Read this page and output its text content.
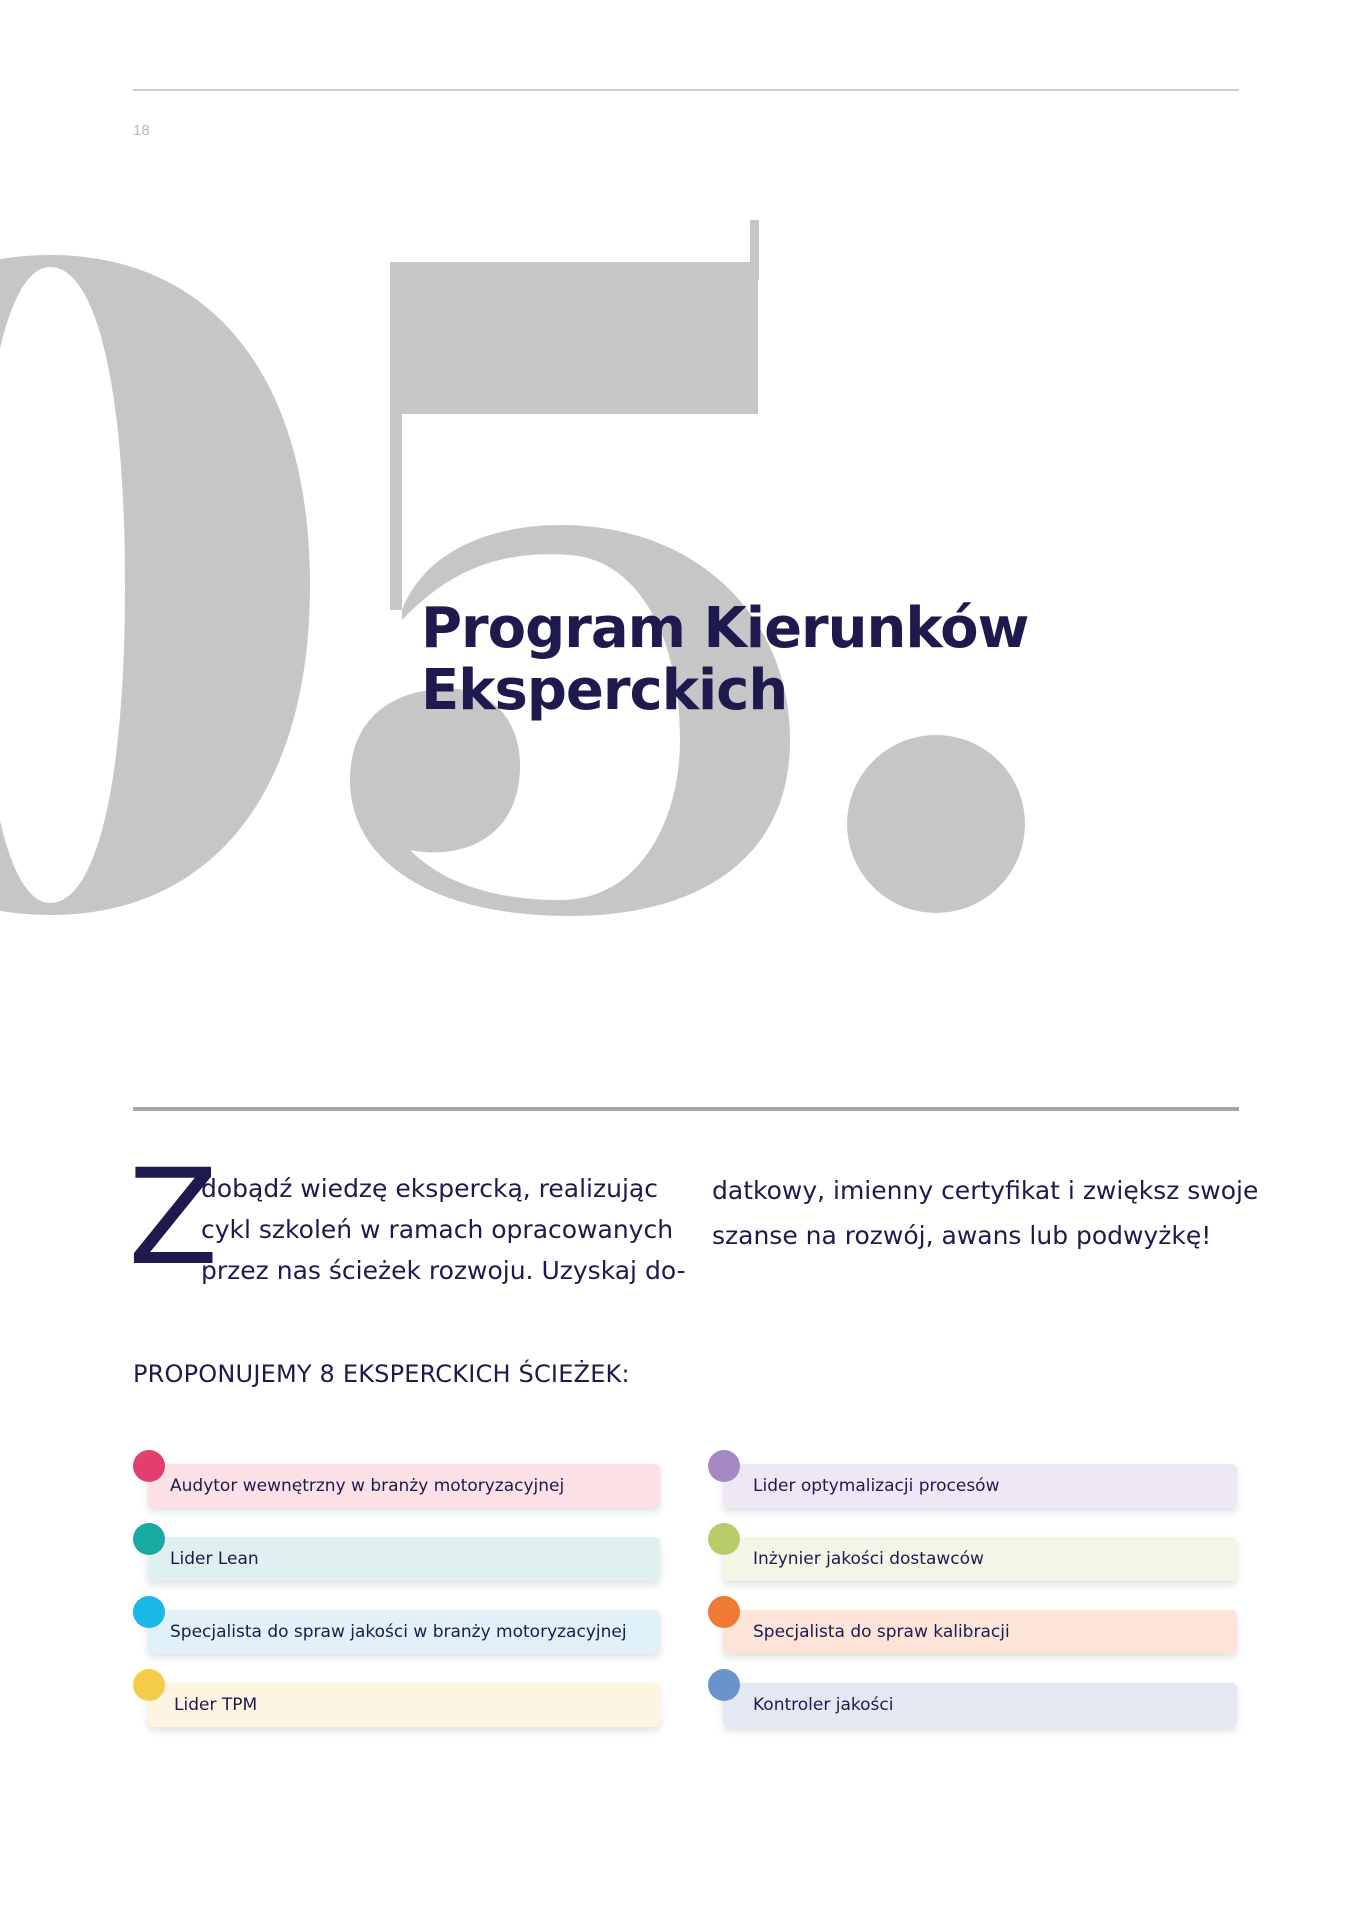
18
Program Kierunków
Eksperckich
Z

dobądź wiedzę ekspercką, realizując
cykl szkoleń w ramach opracowanych
przez nas ścieżek rozwoju. Uzyskaj do-

datkowy, imienny certyfikat i zwiększ swoje
szanse na rozwój, awans lub podwyżkę!

PROPONUJEMY 8 EKSPERCKICH ŚCIEŻEK:
Audytor wewnętrzny w branży motoryzacyjnej
Lider Lean
Specjalista do spraw jakości w branży motoryzacyjnej
Lider TPM
Lider optymalizacji procesów
Inżynier jakości dostawców
Specjalista do spraw kalibracji
Kontroler jakości
